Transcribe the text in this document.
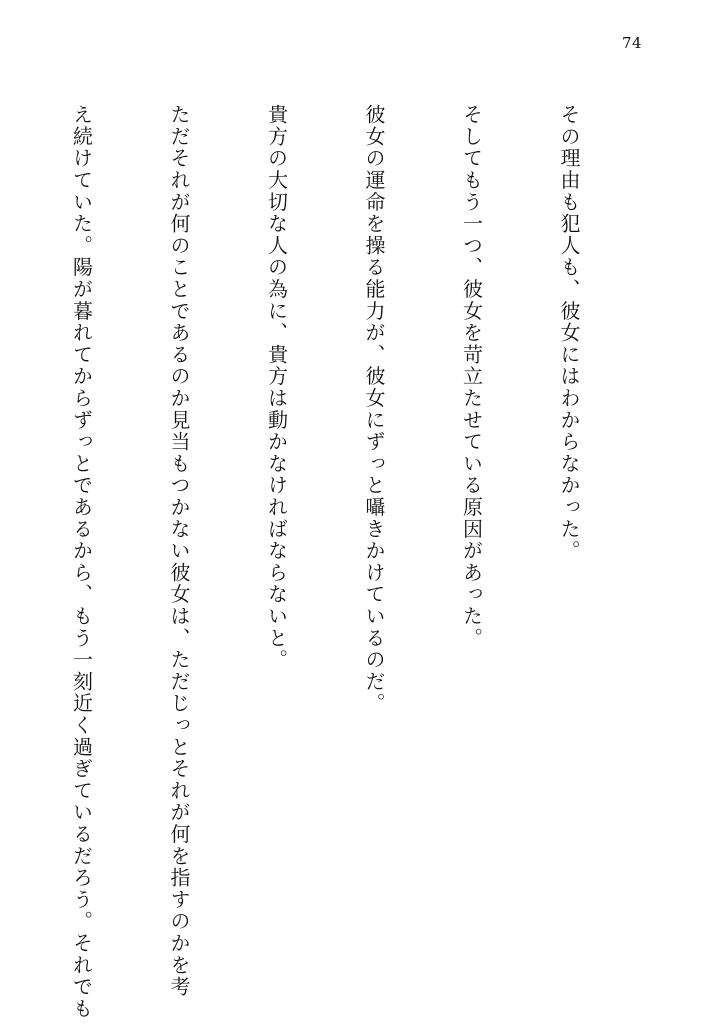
74

その理由も犯人も、彼女にはわからなかった。

そしてもう一つ、彼女を苛立たせている原因があった。

彼女の運命を操る能力が、彼女にずっと囁きかけているのだ。

貴方の大切な人の為に、貴方は動かなければならないと。

ただそれが何のことであるのか見当もつかない彼女は、ただじっとそれが何を指すのかを考

え続けていた。陽が暮れてからずっとであるから、もう一刻近く過ぎているだろう。それでも
